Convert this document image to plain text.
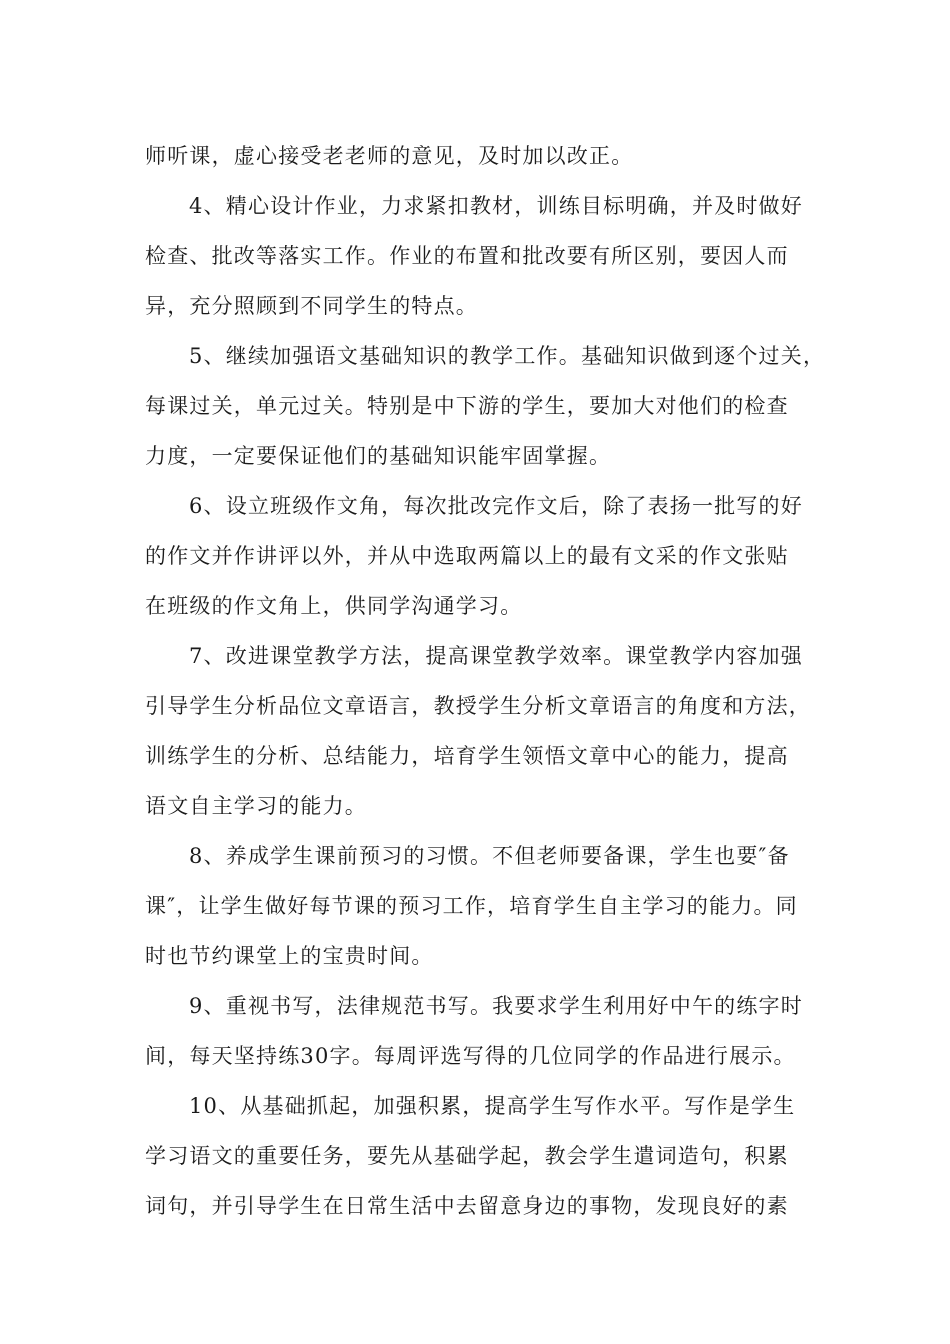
师听课，虚心接受老老师的意见，及时加以改正。
4、精心设计作业，力求紧扣教材，训练目标明确，并及时做好
检查、批改等落实工作。作业的布置和批改要有所区别，要因人而
异，充分照顾到不同学生的特点。
5、继续加强语文基础知识的教学工作。基础知识做到逐个过关，
每课过关，单元过关。特别是中下游的学生，要加大对他们的检查
力度，一定要保证他们的基础知识能牢固掌握。
6、设立班级作文角，每次批改完作文后，除了表扬一批写的好
的作文并作讲评以外，并从中选取两篇以上的最有文采的作文张贴
在班级的作文角上，供同学沟通学习。
7、改进课堂教学方法，提高课堂教学效率。课堂教学内容加强
引导学生分析品位文章语言，教授学生分析文章语言的角度和方法，
训练学生的分析、总结能力，培育学生领悟文章中心的能力，提高
语文自主学习的能力。
8、养成学生课前预习的习惯。不但老师要备课，学生也要″备
课″，让学生做好每节课的预习工作，培育学生自主学习的能力。同
时也节约课堂上的宝贵时间。
9、重视书写，法律规范书写。我要求学生利用好中午的练字时
间，每天坚持练30字。每周评选写得的几位同学的作品进行展示。
10、从基础抓起，加强积累，提高学生写作水平。写作是学生
学习语文的重要任务，要先从基础学起，教会学生遣词造句，积累
词句，并引导学生在日常生活中去留意身边的事物，发现良好的素
